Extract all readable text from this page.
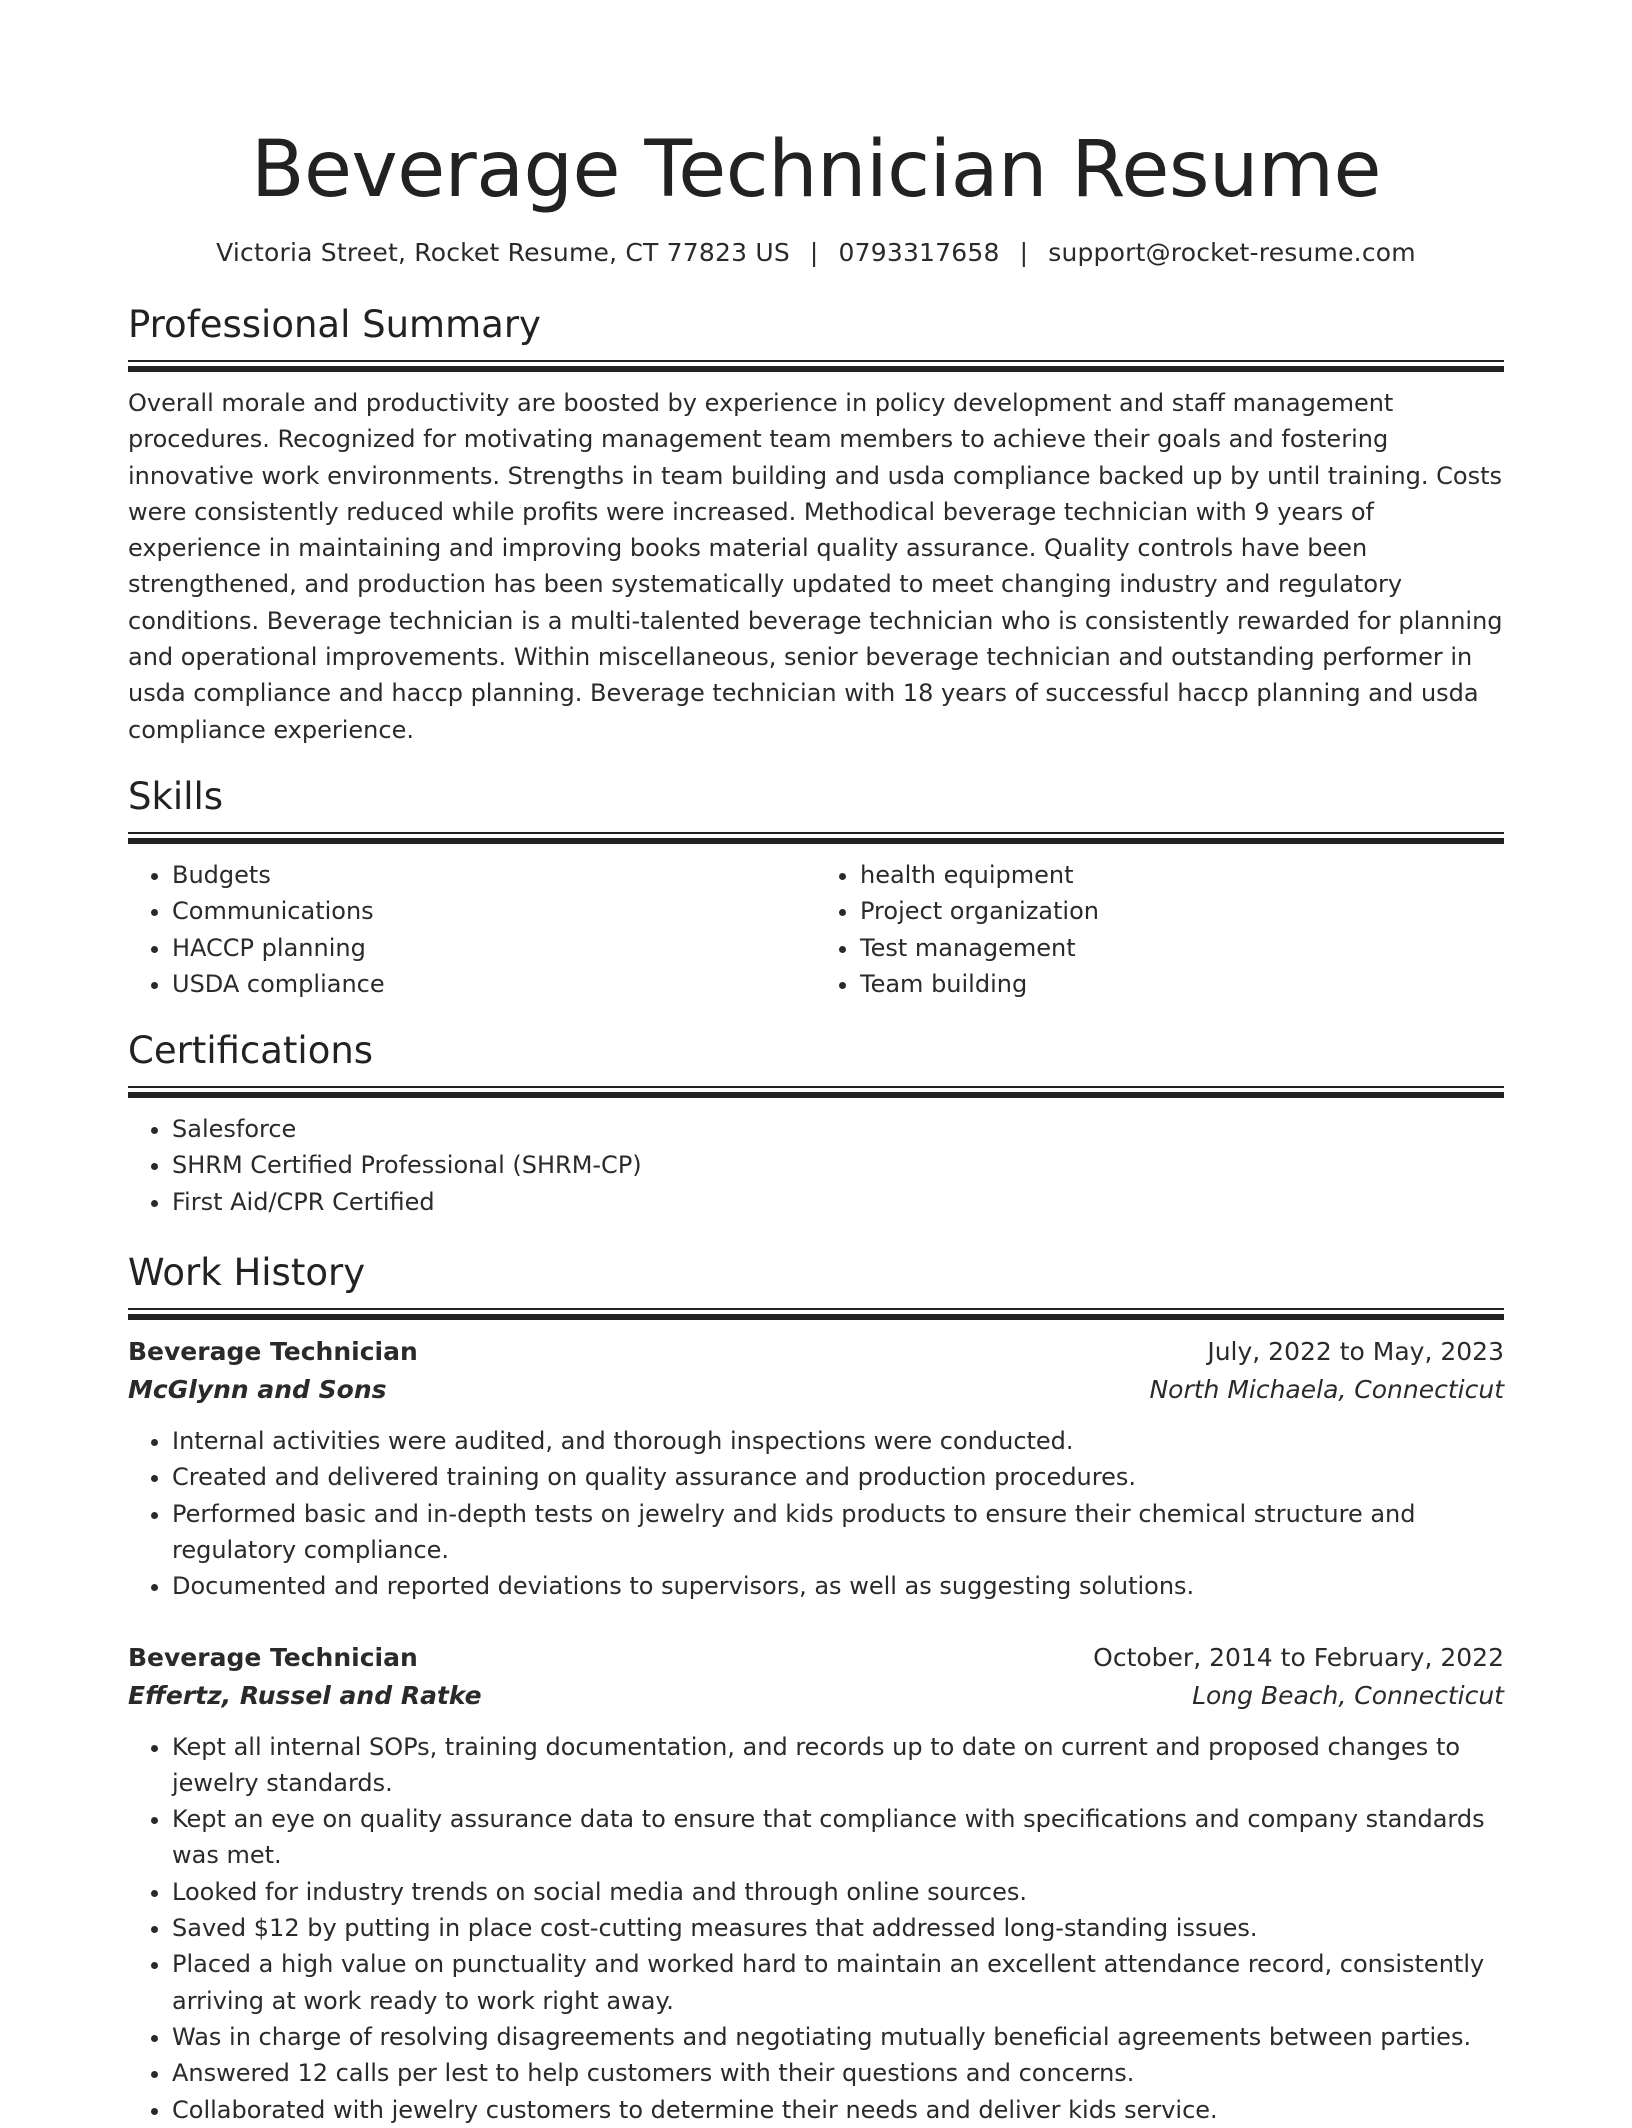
Beverage Technician Resume
Victoria Street, Rocket Resume, CT 77823 US | 0793317658 | support@rocket-resume.com
Professional Summary

Overall morale and productivity are boosted by experience in policy development and staff management procedures. Recognized for motivating management team members to achieve their goals and fostering innovative work environments. Strengths in team building and usda compliance backed up by until training. Costs were consistently reduced while profits were increased. Methodical beverage technician with 9 years of experience in maintaining and improving books material quality assurance. Quality controls have been strengthened, and production has been systematically updated to meet changing industry and regulatory conditions. Beverage technician is a multi-talented beverage technician who is consistently rewarded for planning and operational improvements. Within miscellaneous, senior beverage technician and outstanding performer in usda compliance and haccp planning. Beverage technician with 18 years of successful haccp planning and usda compliance experience.

Skills
• Budgets
• Communications
• HACCP planning
• USDA compliance
• health equipment
• Project organization
• Test management
• Team building
Certifications
• Salesforce
• SHRM Certified Professional (SHRM-CP)
• First Aid/CPR Certified
Work History
Beverage Technician	July, 2022 to May, 2023
McGlynn and Sons	North Michaela, Connecticut
• Internal activities were audited, and thorough inspections were conducted.
• Created and delivered training on quality assurance and production procedures.
• Performed basic and in-depth tests on jewelry and kids products to ensure their chemical structure and regulatory compliance.
• Documented and reported deviations to supervisors, as well as suggesting solutions.
Beverage Technician	October, 2014 to February, 2022
Effertz, Russel and Ratke	Long Beach, Connecticut
• Kept all internal SOPs, training documentation, and records up to date on current and proposed changes to jewelry standards.
• Kept an eye on quality assurance data to ensure that compliance with specifications and company standards was met.
• Looked for industry trends on social media and through online sources.
• Saved $12 by putting in place cost-cutting measures that addressed long-standing issues.
• Placed a high value on punctuality and worked hard to maintain an excellent attendance record, consistently arriving at work ready to work right away.
• Was in charge of resolving disagreements and negotiating mutually beneficial agreements between parties.
• Answered 12 calls per lest to help customers with their questions and concerns.
• Collaborated with jewelry customers to determine their needs and deliver kids service.
